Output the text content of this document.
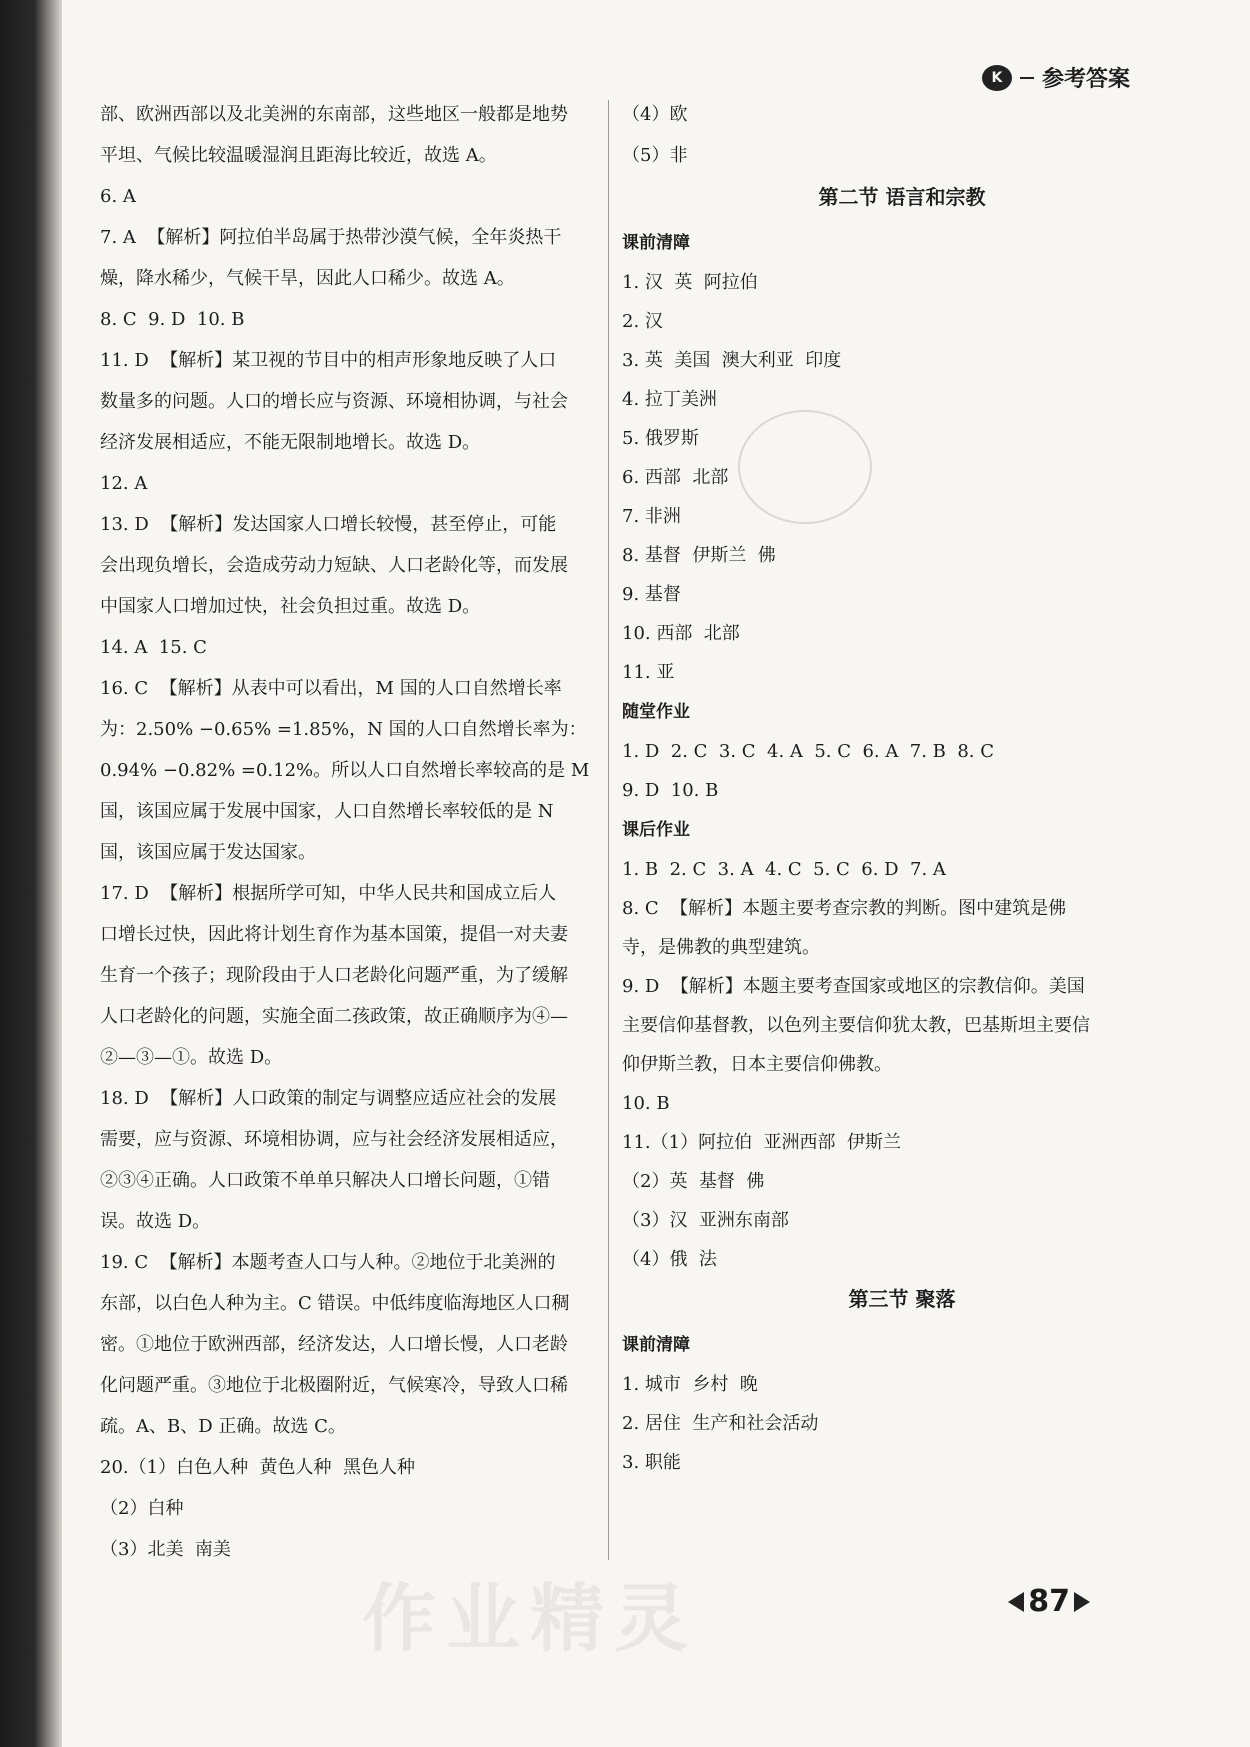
K	参考答案
部、欧洲西部以及北美洲的东南部，这些地区一般都是地势
平坦、气候比较温暖湿润且距海比较近，故选 A。
6. A
7. A  【解析】阿拉伯半岛属于热带沙漠气候，全年炎热干
燥，降水稀少，气候干旱，因此人口稀少。故选 A。
8. C  9. D  10. B
11. D  【解析】某卫视的节目中的相声形象地反映了人口
数量多的问题。人口的增长应与资源、环境相协调，与社会
经济发展相适应，不能无限制地增长。故选 D。
12. A
13. D  【解析】发达国家人口增长较慢，甚至停止，可能
会出现负增长，会造成劳动力短缺、人口老龄化等，而发展
中国家人口增加过快，社会负担过重。故选 D。
14. A  15. C
16. C  【解析】从表中可以看出，M 国的人口自然增长率
为：2.50% −0.65% =1.85%，N 国的人口自然增长率为：
0.94% −0.82% =0.12%。所以人口自然增长率较高的是 M
国，该国应属于发展中国家，人口自然增长率较低的是 N
国，该国应属于发达国家。
17. D  【解析】根据所学可知，中华人民共和国成立后人
口增长过快，因此将计划生育作为基本国策，提倡一对夫妻
生育一个孩子；现阶段由于人口老龄化问题严重，为了缓解
人口老龄化的问题，实施全面二孩政策，故正确顺序为④—
②—③—①。故选 D。
18. D  【解析】人口政策的制定与调整应适应社会的发展
需要，应与资源、环境相协调，应与社会经济发展相适应，
②③④正确。人口政策不单单只解决人口增长问题，①错
误。故选 D。
19. C  【解析】本题考查人口与人种。②地位于北美洲的
东部，以白色人种为主。C 错误。中低纬度临海地区人口稠
密。①地位于欧洲西部，经济发达，人口增长慢，人口老龄
化问题严重。③地位于北极圈附近，气候寒冷，导致人口稀
疏。A、B、D 正确。故选 C。
20.（1）白色人种  黄色人种  黑色人种
（2）白种
（3）北美  南美
（4）欧
（5）非
第二节 语言和宗教
课前清障
1. 汉  英  阿拉伯
2. 汉
3. 英  美国  澳大利亚  印度
4. 拉丁美洲
5. 俄罗斯
6. 西部  北部
7. 非洲
8. 基督  伊斯兰  佛
9. 基督
10. 西部  北部
11. 亚
随堂作业
1. D  2. C  3. C  4. A  5. C  6. A  7. B  8. C
9. D  10. B
课后作业
1. B  2. C  3. A  4. C  5. C  6. D  7. A
8. C  【解析】本题主要考查宗教的判断。图中建筑是佛
寺，是佛教的典型建筑。
9. D  【解析】本题主要考查国家或地区的宗教信仰。美国
主要信仰基督教，以色列主要信仰犹太教，巴基斯坦主要信
仰伊斯兰教，日本主要信仰佛教。
10. B
11.（1）阿拉伯  亚洲西部  伊斯兰
（2）英  基督  佛
（3）汉  亚洲东南部
（4）俄  法
第三节 聚落
课前清障
1. 城市  乡村  晚
2. 居住  生产和社会活动
3. 职能
作业精灵	87
